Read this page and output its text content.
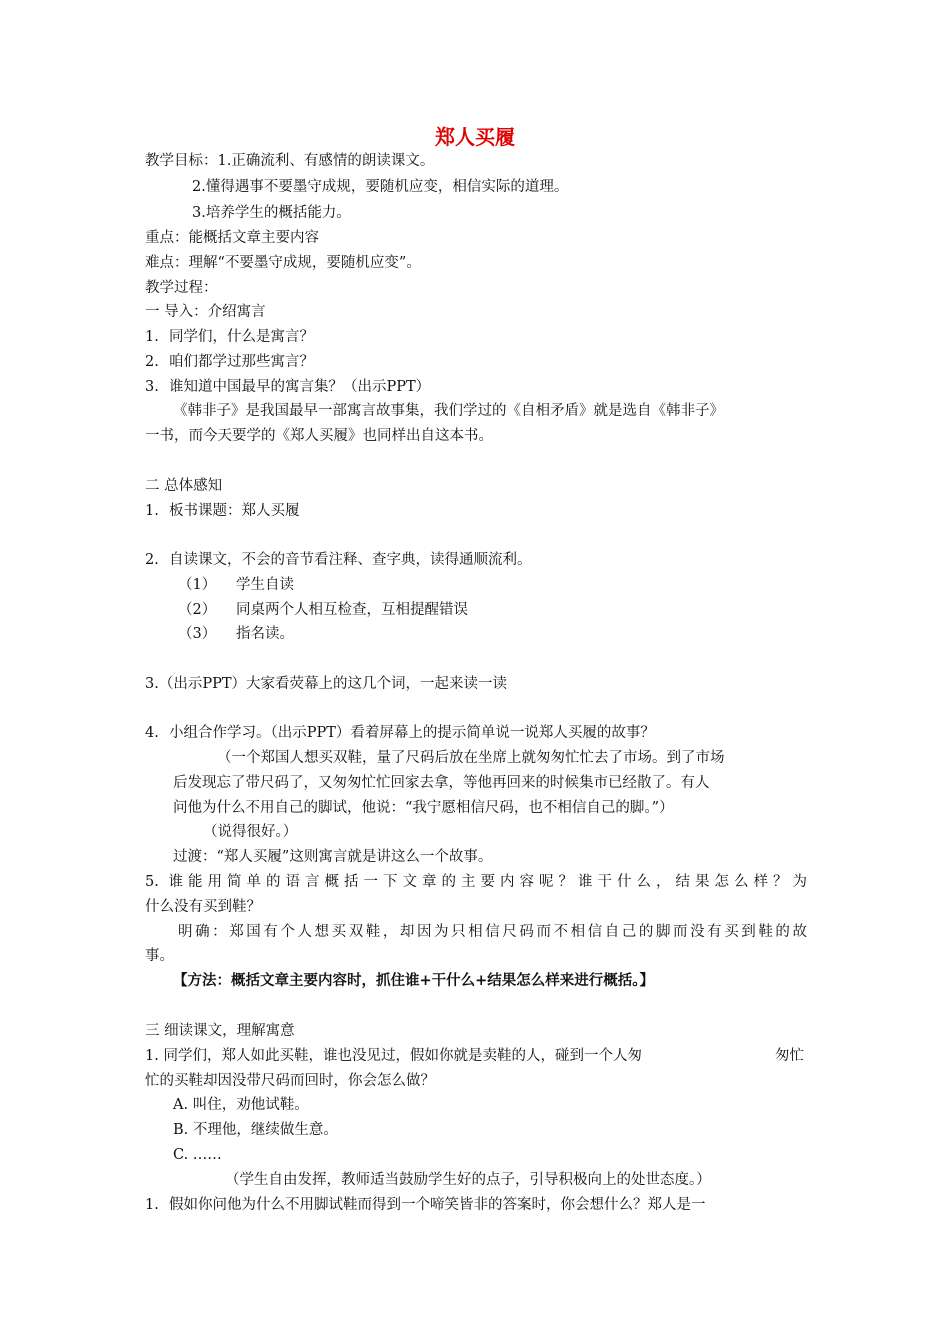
郑人买履
教学目标：1.正确流利、有感情的朗读课文。
2.懂得遇事不要墨守成规，要随机应变，相信实际的道理。
3.培养学生的概括能力。
重点：能概括文章主要内容
难点：理解“不要墨守成规，要随机应变”。
教学过程：
一 导入：介绍寓言
1. 同学们，什么是寓言？
2. 咱们都学过那些寓言？
3. 谁知道中国最早的寓言集？（出示PPT）
《韩非子》是我国最早一部寓言故事集，我们学过的《自相矛盾》就是选自《韩非子》
一书，而今天要学的《郑人买履》也同样出自这本书。
二 总体感知
1. 板书课题：郑人买履
2. 自读课文，不会的音节看注释、查字典，读得通顺流利。
（1） 学生自读
（2） 同桌两个人相互检查，互相提醒错误
（3） 指名读。
3.（出示PPT）大家看荧幕上的这几个词，一起来读一读
4. 小组合作学习。（出示PPT）看着屏幕上的提示简单说一说郑人买履的故事？
（一个郑国人想买双鞋，量了尺码后放在坐席上就匆匆忙忙去了市场。到了市场
后发现忘了带尺码了，又匆匆忙忙回家去拿，等他再回来的时候集市已经散了。有人
问他为什么不用自己的脚试，他说：“我宁愿相信尺码，也不相信自己的脚。”）
（说得很好。）
过渡：“郑人买履”这则寓言就是讲这么一个故事。
5. 谁能用简单的语言概括一下文章的主要内容呢？谁干什么，结果怎么样？为
什么没有买到鞋？
明确：郑国有个人想买双鞋，却因为只相信尺码而不相信自己的脚而没有买到鞋的故
事。
【方法：概括文章主要内容时，抓住谁+干什么+结果怎么样来进行概括。】
三 细读课文，理解寓意
1. 同学们，郑人如此买鞋，谁也没见过，假如你就是卖鞋的人，碰到一个人匆	匆忙
忙的买鞋却因没带尺码而回时，你会怎么做？
A. 叫住，劝他试鞋。
B. 不理他，继续做生意。
C. ……
（学生自由发挥，教师适当鼓励学生好的点子，引导积极向上的处世态度。）
1. 假如你问他为什么不用脚试鞋而得到一个啼笑皆非的答案时，你会想什么？郑人是一
